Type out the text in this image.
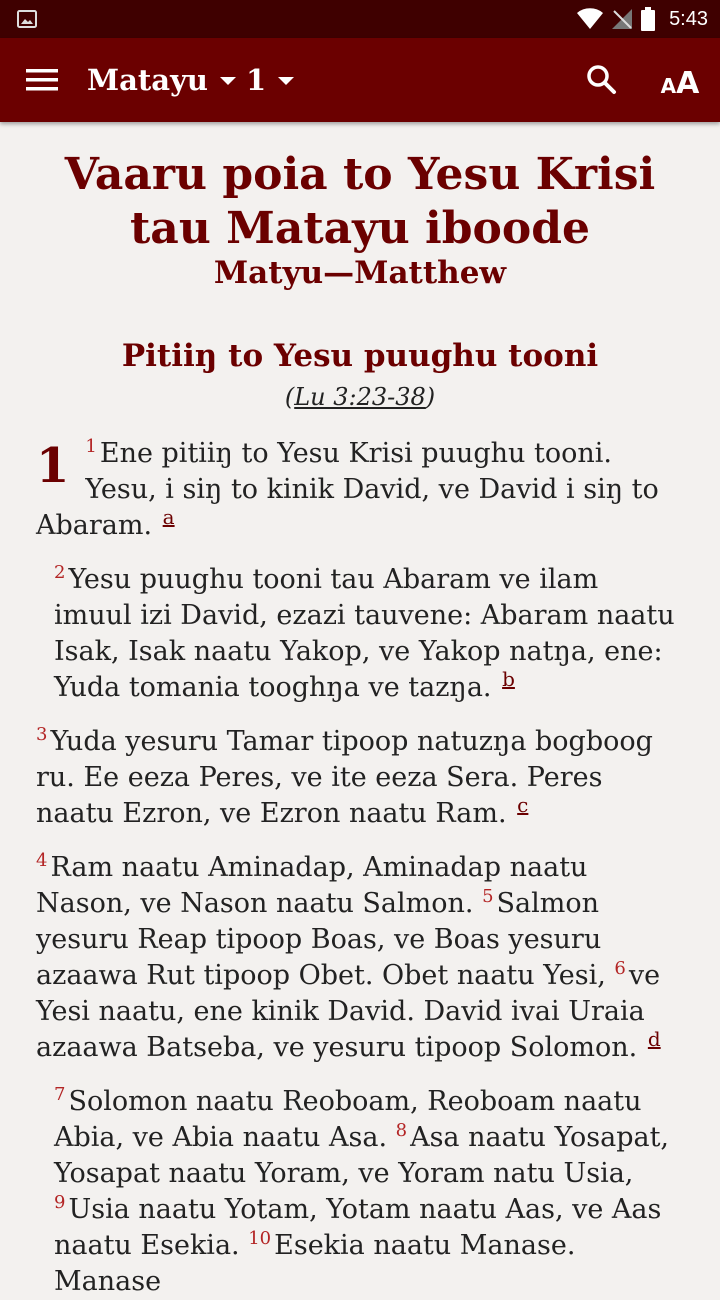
5:43
Matayu 1	A A
Vaaru poia to Yesu Krisi tau Matayu iboode
Matyu—Matthew
Pitiiŋ to Yesu puughu tooni
(Lu 3:23-38)
1 $^1$ Ene pitiiŋ to Yesu Krisi puughu tooni. Yesu, i siŋ to kinik David, ve David i siŋ to Abaram. $^a$
$^2$ Yesu puughu tooni tau Abaram ve ilam imuul izi David, ezazi tauvene: Abaram naatu Isak, Isak naatu Yakop, ve Yakop natŋa, ene: Yuda tomania tooghŋa ve tazŋa. $^b$
$^3$ Yuda yesuru Tamar tipoop natuzŋa bogboog ru. Ee eeza Peres, ve ite eeza Sera. Peres naatu Ezron, ve Ezron naatu Ram. $^c$
$^4$ Ram naatu Aminadap, Aminadap naatu Nason, ve Nason naatu Salmon. $^5$ Salmon yesuru Reap tipoop Boas, ve Boas yesuru azaawa Rut tipoop Obet. Obet naatu Yesi, $^6$ ve Yesi naatu, ene kinik David. David ivai Uraia azaawa Batseba, ve yesuru tipoop Solomon. $^d$
$^7$ Solomon naatu Reoboam, Reoboam naatu Abia, ve Abia naatu Asa. $^8$ Asa naatu Yosapat, Yosapat naatu Yoram, ve Yoram natu Usia, $^9$ Usia naatu Yotam, Yotam naatu Aas, ve Aas naatu Esekia. $^{10}$ Esekia naatu Manase. Manase
